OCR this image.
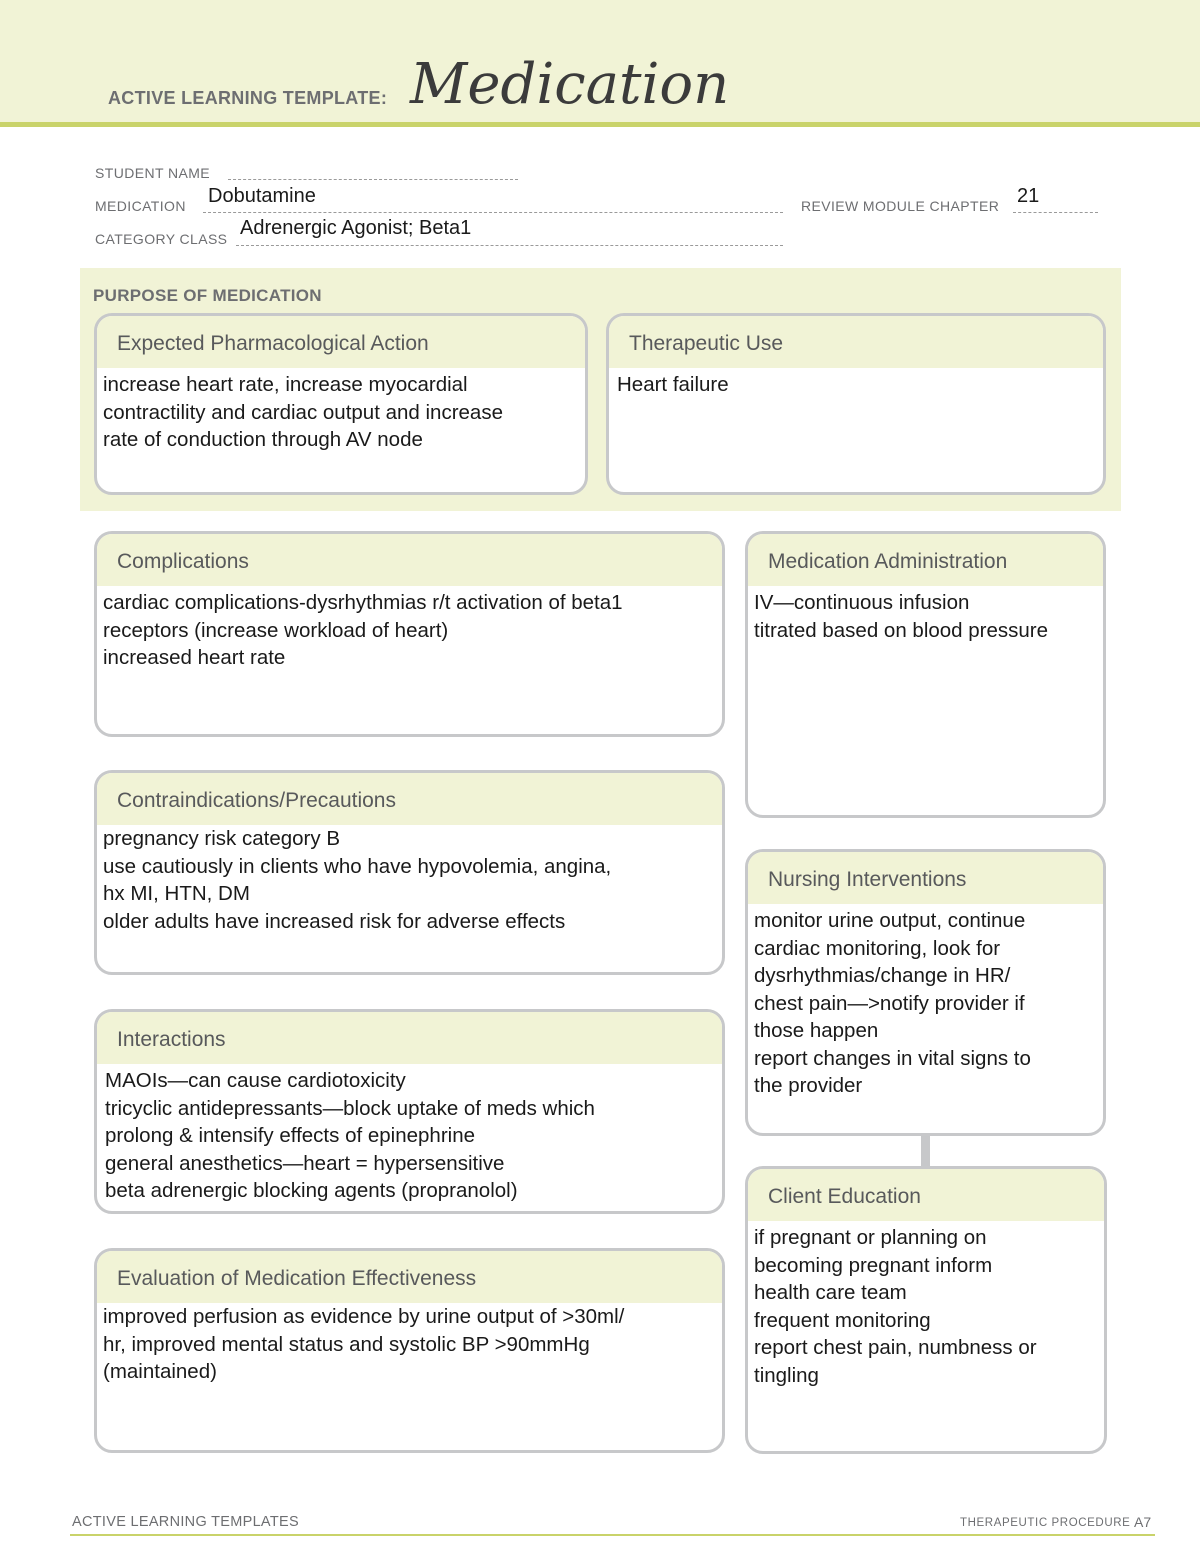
ACTIVE LEARNING TEMPLATE: Medication
STUDENT NAME
MEDICATION Dobutamine	REVIEW MODULE CHAPTER 21
CATEGORY CLASS Adrenergic Agonist; Beta1
PURPOSE OF MEDICATION
Expected Pharmacological Action
increase heart rate, increase myocardial
contractility and cardiac output and increase
rate of conduction through AV node
Therapeutic Use
Heart failure
Complications
cardiac complications-dysrhythmias r/t activation of beta1
receptors (increase workload of heart)
increased heart rate
Contraindications/Precautions
pregnancy risk category B
use cautiously in clients who have hypovolemia, angina,
hx MI, HTN, DM
older adults have increased risk for adverse effects
Interactions
MAOIs—can cause cardiotoxicity
tricyclic antidepressants—block uptake of meds which
prolong & intensify effects of epinephrine
general anesthetics—heart = hypersensitive
beta adrenergic blocking agents (propranolol)
Evaluation of Medication Effectiveness
improved perfusion as evidence by urine output of >30ml/
hr, improved mental status and systolic BP >90mmHg
(maintained)
Medication Administration
IV—continuous infusion
titrated based on blood pressure
Nursing Interventions
monitor urine output, continue
cardiac monitoring, look for
dysrhythmias/change in HR/
chest pain—>notify provider if
those happen
report changes in vital signs to
the provider
Client Education
if pregnant or planning on
becoming pregnant inform
health care team
frequent monitoring
report chest pain, numbness or
tingling
ACTIVE LEARNING TEMPLATES	THERAPEUTIC PROCEDURE A7
